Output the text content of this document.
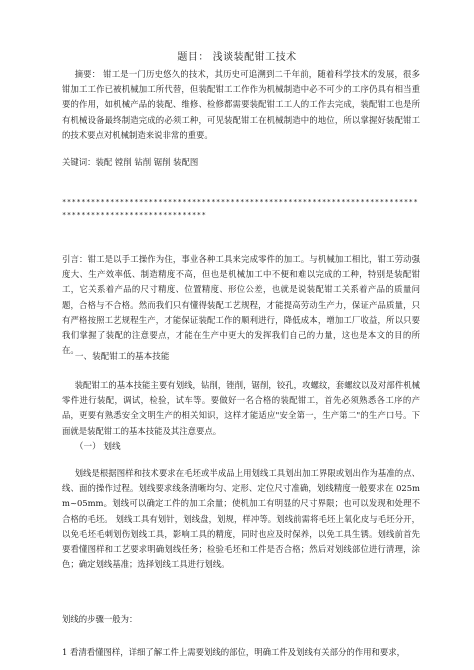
题目： 浅谈装配钳工技术
摘要： 钳工是一门历史悠久的技术，其历史可追溯到二千年前，随着科学技术的发展，很多钳加工工作已被机械加工所代替，但装配钳工工作作为机械制造中必不可少的工序仍具有相当重要的作用，如机械产品的装配、维修、检修都需要装配钳工工人的工作去完成，装配钳工也是所有机械设备最终制造完成的必须工种，可见装配钳工在机械制造中的地位，所以掌握好装配钳工的技术要点对机械制造来说非常的重要。
关键词：装配 镗削 钻削 锯削 装配图
********************************************************************************************************
引言：钳工是以手工操作为住，事业各种工具来完成零件的加工。与机械加工相比，钳工劳动强度大、生产效率低、制造精度不高，但也是机械加工中不便和难以完成的工种，特别是装配钳工，它关系着产品的尺寸精度、位置精度、形位公差，也就是说装配钳工关系着产品的质量问题，合格与不合格。然而我们只有懂得装配工艺规程，才能提高劳动生产力，保证产品质量，只有严格按照工艺规程生产，才能保证装配工作的顺利进行，降低成本，增加工厂收益，所以只要我们掌握了装配的注意要点，才能在生产中更大的发挥我们自己的力量，这也是本文的目的所在。
一、装配钳工的基本技能
装配钳工的基本技能主要有划线，钻削，锉削，锯削，铰孔，攻螺纹，套螺纹以及对部件机械零件进行装配，调试，检验，试车等。要做好一名合格的装配钳工，首先必须熟悉各工序的产品，更要有熟悉安全文明生产的相关知识，这样才能适应"安全第一，生产第二"的生产口号。下面就是装配钳工的基本技能及其注意要点。
（一） 划线
划线是根据图样和技术要求在毛坯或半成品上用划线工具划出加工界限或划出作为基准的点、线、面的操作过程。划线要求线条清晰均匀、定形、定位尺寸准确，划线精度一般要求在 025mm~05mm。划线可以确定工件的加工余量；使机加工有明显的尺寸界限；也可以发现和处理不合格的毛坯。 划线工具有划针，划线盘，划规，样冲等。划线前需将毛坯上氧化皮与毛坯分开，以免毛坯毛刺划伤划线工具，影响工具的精度，同时也应及时保养，以免工具生锈。划线前首先要看懂图样和工艺要求明确划线任务；检验毛坯和工件是否合格；然后对划线部位进行清理，涂色；确定划线基准；选择划线工具进行划线。
划线的步骤一般为：
1 看清看懂图样，详细了解工件上需要划线的部位，明确工件及划线有关部分的作用和要求，
